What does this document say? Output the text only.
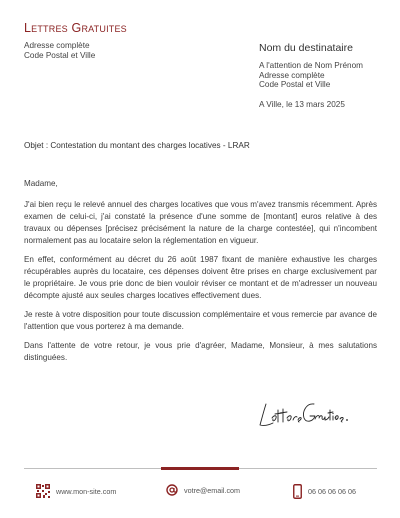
Lettres Gratuites
Adresse complète
Code Postal et Ville
Nom du destinataire
A l'attention de Nom Prénom
Adresse complète
Code Postal et Ville
A Ville, le 13 mars 2025
Objet : Contestation du montant des charges locatives - LRAR

Madame,

J'ai bien reçu le relevé annuel des charges locatives que vous m'avez transmis récemment. Après examen de celui-ci, j'ai constaté la présence d'une somme de [montant] euros relative à des travaux ou dépenses [précisez précisément la nature de la charge contestée], qui n'incombent normalement pas au locataire selon la réglementation en vigueur.

En effet, conformément au décret du 26 août 1987 fixant de manière exhaustive les charges récupérables auprès du locataire, ces dépenses doivent être prises en charge exclusivement par le propriétaire. Je vous prie donc de bien vouloir réviser ce montant et de m'adresser un nouveau décompte ajusté aux seules charges locatives effectivement dues.

Je reste à votre disposition pour toute discussion complémentaire et vous remercie par avance de l'attention que vous porterez à ma demande.

Dans l'attente de votre retour, je vous prie d'agréer, Madame, Monsieur, à mes salutations distinguées.

www.mon-site.com	votre@email.com	06 06 06 06 06
